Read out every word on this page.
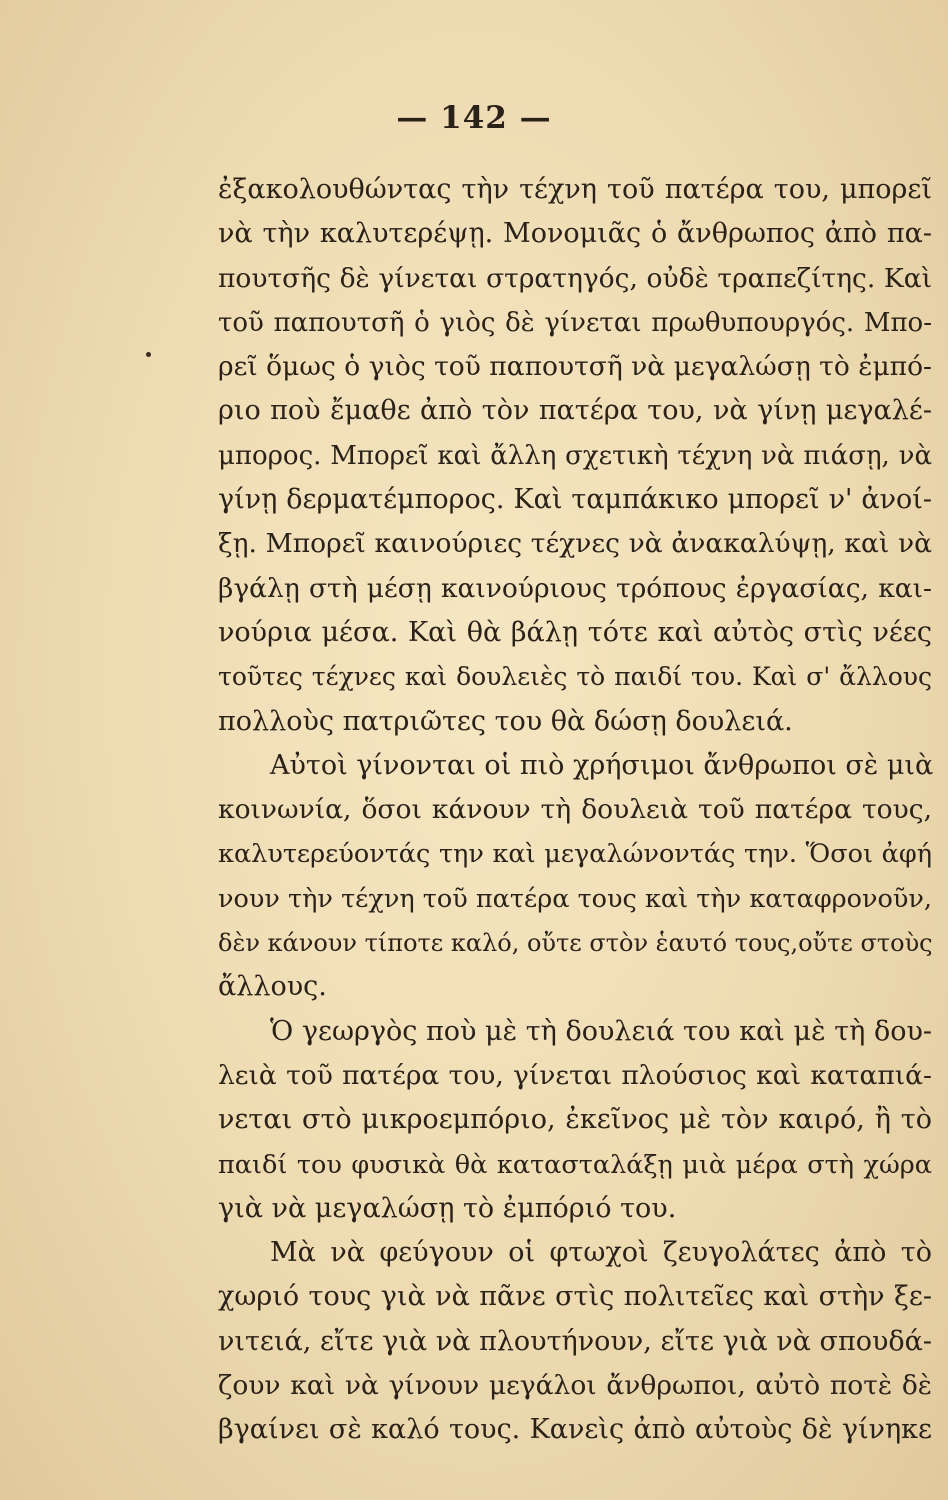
— 142 —
ἐξακολουθώντας τὴν τέχνη τοῦ πατέρα του, μπορεῖ
νὰ τὴν καλυτερέψῃ. Μονομιᾶς ὁ ἄνθρωπος ἀπὸ πα-
πουτσῆς δὲ γίνεται στρατηγός, οὐδὲ τραπεζίτης. Καὶ
τοῦ παπουτσῆ ὁ γιὸς δὲ γίνεται πρωθυπουργός. Μπο-
ρεῖ ὅμως ὁ γιὸς τοῦ παπουτσῆ νὰ μεγαλώσῃ τὸ ἐμπό-
ριο ποὺ ἔμαθε ἀπὸ τὸν πατέρα του, νὰ γίνῃ μεγαλέ-
μπορος. Μπορεῖ καὶ ἄλλη σχετικὴ τέχνη νὰ πιάσῃ, νὰ
γίνῃ δερματέμπορος. Καὶ ταμπάκικο μπορεῖ ν' ἀνοί-
ξῃ. Μπορεῖ καινούριες τέχνες νὰ ἀνακαλύψῃ, καὶ νὰ
βγάλῃ στὴ μέσῃ καινούριους τρόπους ἐργασίας, και-
νούρια μέσα. Καὶ θὰ βάλῃ τότε καὶ αὐτὸς στὶς νέες
τοῦτες τέχνες καὶ δουλειὲς τὸ παιδί του. Καὶ σ' ἄλλους
πολλοὺς πατριῶτες του θὰ δώσῃ δουλειά.
Αὐτοὶ γίνονται οἱ πιὸ χρήσιμοι ἄνθρωποι σὲ μιὰ
κοινωνία, ὅσοι κάνουν τὴ δουλειὰ τοῦ πατέρα τους,
καλυτερεύοντάς την καὶ μεγαλώνοντάς την. Ὅσοι ἀφή
νουν τὴν τέχνη τοῦ πατέρα τους καὶ τὴν καταφρονοῦν,
δὲν κάνουν τίποτε καλό, οὔτε στὸν ἑαυτό τους,οὔτε στοὺς
ἄλλους.
Ὁ γεωργὸς ποὺ μὲ τὴ δουλειά του καὶ μὲ τὴ δου-
λειὰ τοῦ πατέρα του, γίνεται πλούσιος καὶ καταπιά-
νεται στὸ μικροεμπόριο, ἐκεῖνος μὲ τὸν καιρό, ἢ τὸ
παιδί του φυσικὰ θὰ κατασταλάξῃ μιὰ μέρα στὴ χώρα
γιὰ νὰ μεγαλώσῃ τὸ ἐμπόριό του.
Μὰ νὰ φεύγουν οἱ φτωχοὶ ζευγολάτες ἀπὸ τὸ
χωριό τους γιὰ νὰ πᾶνε στὶς πολιτεῖες καὶ στὴν ξε-
νιτειά, εἴτε γιὰ νὰ πλουτήνουν, εἴτε γιὰ νὰ σπουδά-
ζουν καὶ νὰ γίνουν μεγάλοι ἄνθρωποι, αὐτὸ ποτὲ δὲ
βγαίνει σὲ καλό τους. Κανεὶς ἀπὸ αὐτοὺς δὲ γίνηκε
